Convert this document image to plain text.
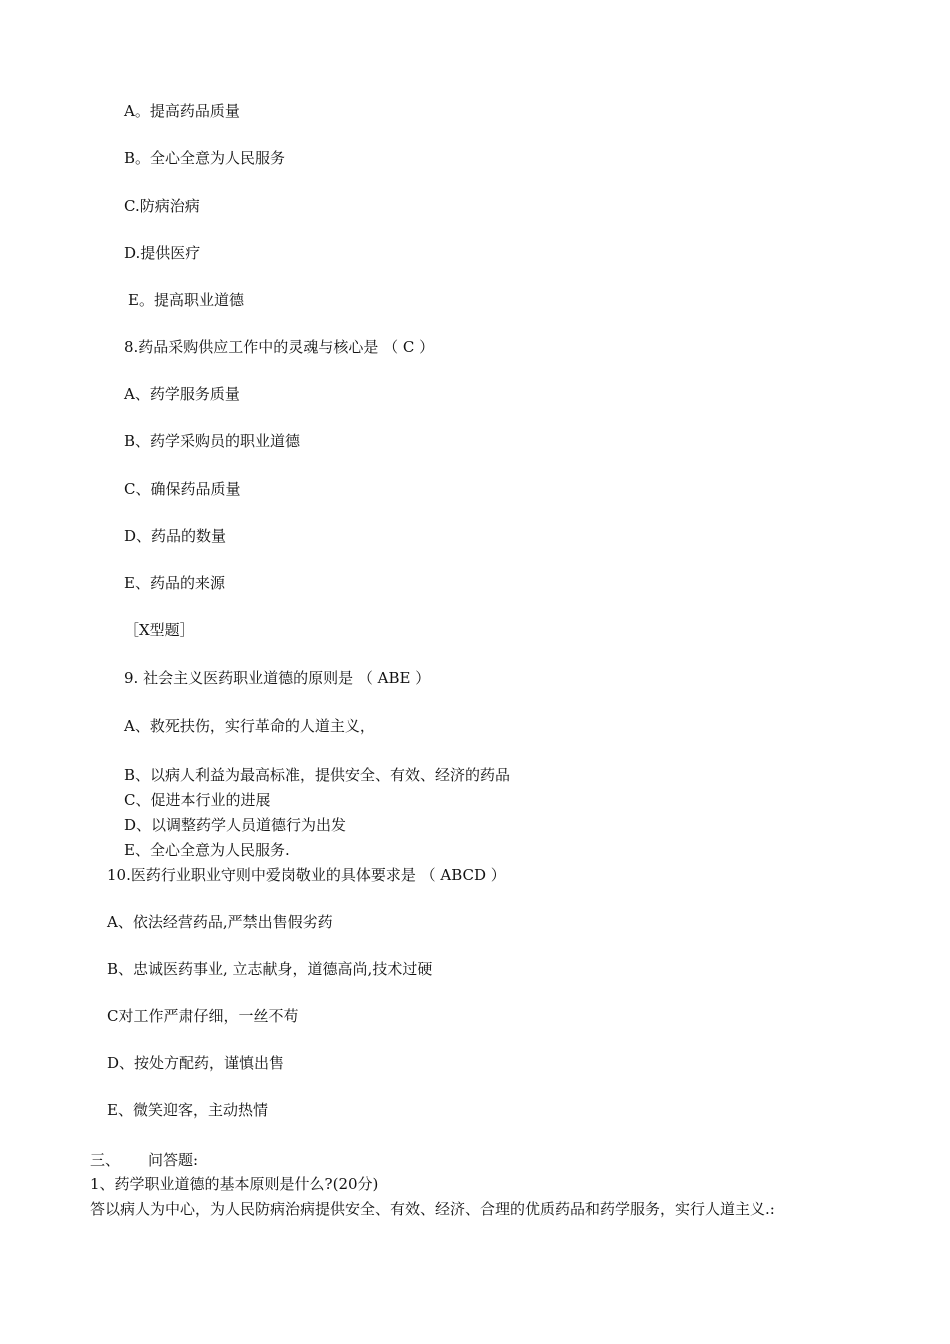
A。提高药品质量
B。全心全意为人民服务
C.防病治病
D.提供医疗
E。提高职业道德
8.药品采购供应工作中的灵魂与核心是 （ C ）
A、药学服务质量
B、药学采购员的职业道德
C、确保药品质量
D、药品的数量
E、药品的来源
［X型题］
9. 社会主义医药职业道德的原则是 （ ABE ）
A、救死扶伤，实行革命的人道主义，
B、以病人利益为最高标准，提供安全、有效、经济的药品
C、促进本行业的进展
D、以调整药学人员道德行为出发
E、全心全意为人民服务.
10.医药行业职业守则中爱岗敬业的具体要求是 （ ABCD ）
A、依法经营药品,严禁出售假劣药
B、忠诚医药事业, 立志献身，道德高尚,技术过硬
C对工作严肃仔细，一丝不苟
D、按处方配药，谨慎出售
E、微笑迎客，主动热情
三、 问答题:
1、药学职业道德的基本原则是什么?(20分)
答以病人为中心，为人民防病治病提供安全、有效、经济、合理的优质药品和药学服务，实行人道主义.:
